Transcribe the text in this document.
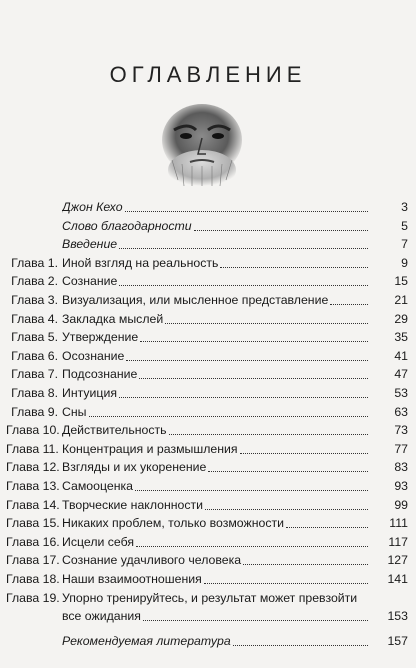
ОГЛАВЛЕНИЕ
Джон Кехо	3
Слово благодарности	5
Введение	7
Глава 1. Иной взгляд на реальность	9
Глава 2. Сознание	15
Глава 3. Визуализация, или мысленное представление	21
Глава 4. Закладка мыслей	29
Глава 5. Утверждение	35
Глава 6. Осознание	41
Глава 7. Подсознание	47
Глава 8. Интуиция	53
Глава 9. Сны	63
Глава 10. Действительность	73
Глава 11. Концентрация и размышления	77
Глава 12. Взгляды и их укоренение	83
Глава 13. Самооценка	93
Глава 14. Творческие наклонности	99
Глава 15. Никаких проблем, только возможности	111
Глава 16. Исцели себя	117
Глава 17. Сознание удачливого человека	127
Глава 18. Наши взаимоотношения	141
Глава 19. Упорно тренируйтесь, и результат может превзойти
все ожидания	153
Рекомендуемая литература	157
